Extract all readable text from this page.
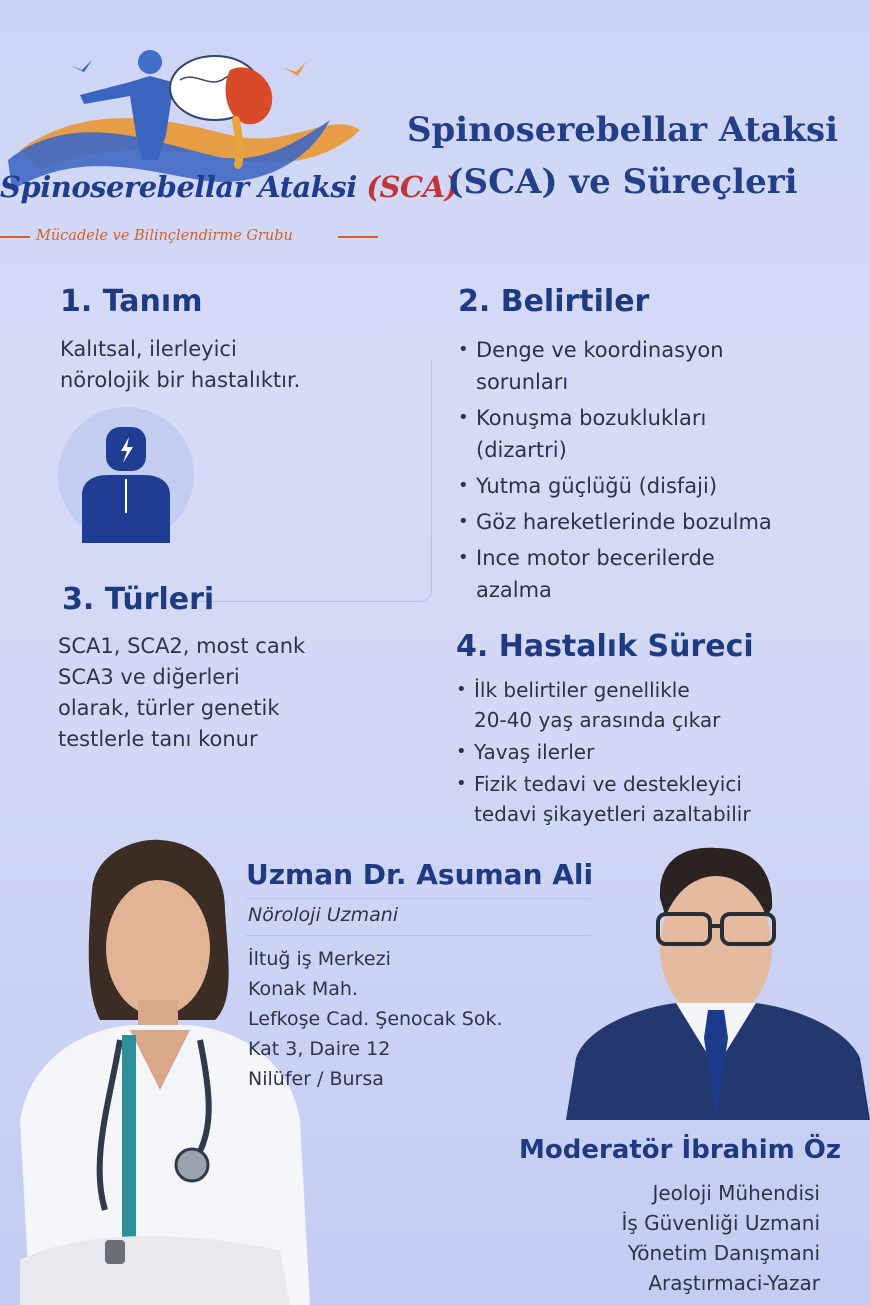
Spinoserebellar Ataksi (SCA)
Mücadele ve Bilinçlendirme Grubu
Spinoserebellar Ataksi
(SCA) ve Süreçleri
1. Tanım
Kalıtsal, ilerleyici
nörolojik bir hastalıktır.
2. Belirtiler
• Denge ve koordinasyon
sorunları
• Konuşma bozuklukları
(dizartri)
• Yutma güçlüğü (disfaji)
• Göz hareketlerinde bozulma
• Ince motor becerilerde
azalma
3. Türleri
SCA1, SCA2, most cank
SCA3 ve diğerleri
olarak, türler genetik
testlerle tanı konur
4. Hastalık Süreci
• İlk belirtiler genellikle
20-40 yaş arasında çıkar
• Yavaş ilerler
• Fizik tedavi ve destekleyici
tedavi şikayetleri azaltabilir
Uzman Dr. Asuman Ali
Nöroloji Uzmani
İltuğ iş Merkezi
Konak Mah.
Lefkoşe Cad. Şenocak Sok.
Kat 3, Daire 12
Nilüfer / Bursa
Moderatör İbrahim Öz
Jeoloji Mühendisi
İş Güvenliği Uzmani
Yönetim Danışmani
Araştırmaci-Yazar
